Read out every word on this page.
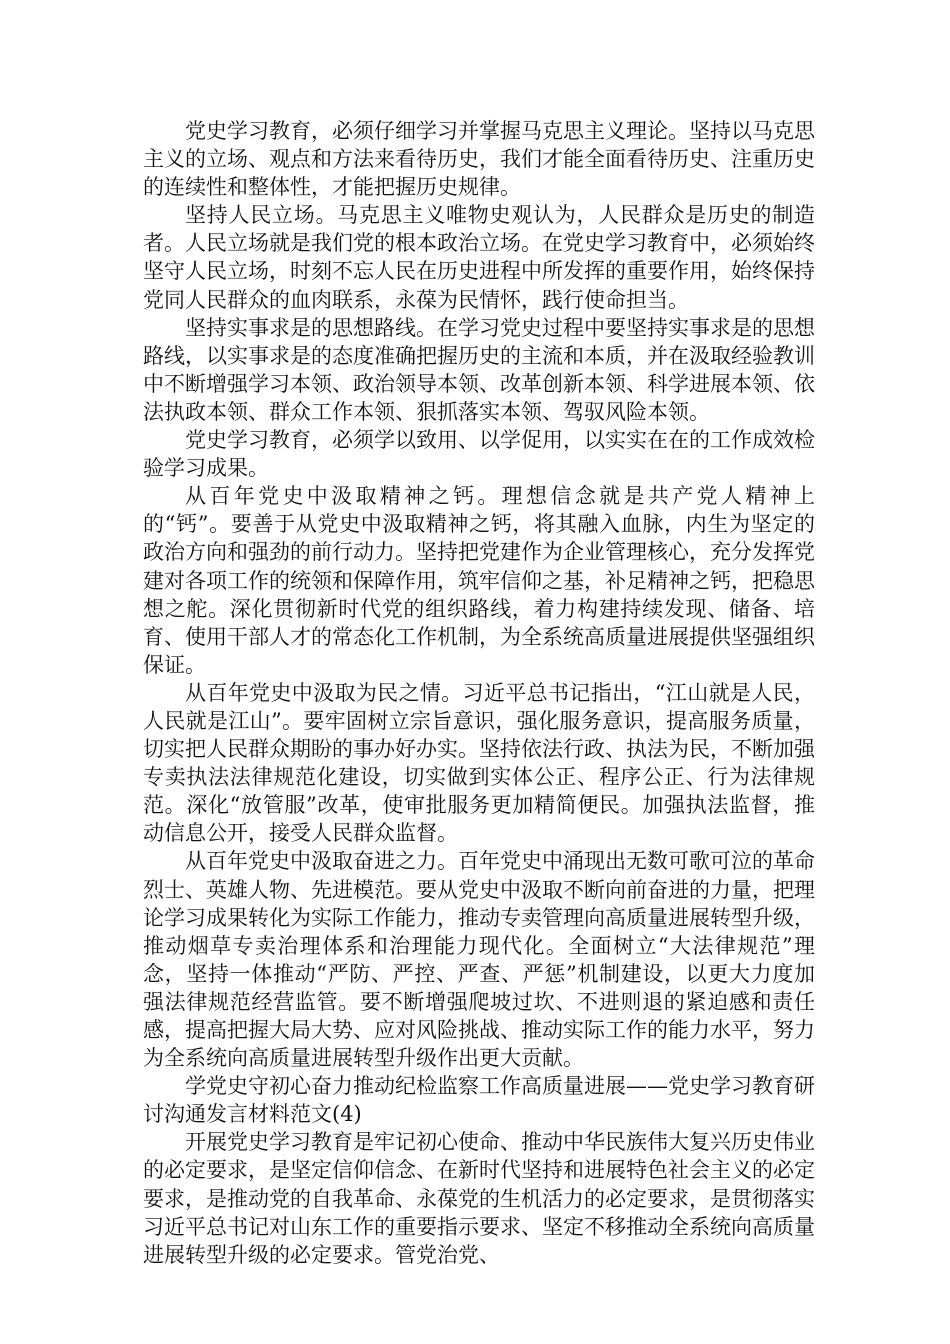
党史学习教育，必须仔细学习并掌握马克思主义理论。坚持以马克思主义的立场、观点和方法来看待历史，我们才能全面看待历史、注重历史的连续性和整体性，才能把握历史规律。

坚持人民立场。马克思主义唯物史观认为，人民群众是历史的制造者。人民立场就是我们党的根本政治立场。在党史学习教育中，必须始终坚守人民立场，时刻不忘人民在历史进程中所发挥的重要作用，始终保持党同人民群众的血肉联系，永葆为民情怀，践行使命担当。

坚持实事求是的思想路线。在学习党史过程中要坚持实事求是的思想路线，以实事求是的态度准确把握历史的主流和本质，并在汲取经验教训中不断增强学习本领、政治领导本领、改革创新本领、科学进展本领、依法执政本领、群众工作本领、狠抓落实本领、驾驭风险本领。

党史学习教育，必须学以致用、以学促用，以实实在在的工作成效检验学习成果。

从百年党史中汲取精神之钙。理想信念就是共产党人精神上的“钙”。要善于从党史中汲取精神之钙，将其融入血脉，内生为坚定的政治方向和强劲的前行动力。坚持把党建作为企业管理核心，充分发挥党建对各项工作的统领和保障作用，筑牢信仰之基，补足精神之钙，把稳思想之舵。深化贯彻新时代党的组织路线，着力构建持续发现、储备、培育、使用干部人才的常态化工作机制，为全系统高质量进展提供坚强组织保证。

从百年党史中汲取为民之情。习近平总书记指出，“江山就是人民，人民就是江山”。要牢固树立宗旨意识，强化服务意识，提高服务质量，切实把人民群众期盼的事办好办实。坚持依法行政、执法为民，不断加强专卖执法法律规范化建设，切实做到实体公正、程序公正、行为法律规范。深化“放管服”改革，使审批服务更加精简便民。加强执法监督，推动信息公开，接受人民群众监督。

从百年党史中汲取奋进之力。百年党史中涌现出无数可歌可泣的革命烈士、英雄人物、先进模范。要从党史中汲取不断向前奋进的力量，把理论学习成果转化为实际工作能力，推动专卖管理向高质量进展转型升级，推动烟草专卖治理体系和治理能力现代化。全面树立“大法律规范”理念，坚持一体推动“严防、严控、严查、严惩”机制建设，以更大力度加强法律规范经营监管。要不断增强爬坡过坎、不进则退的紧迫感和责任感，提高把握大局大势、应对风险挑战、推动实际工作的能力水平，努力为全系统向高质量进展转型升级作出更大贡献。

学党史守初心奋力推动纪检监察工作高质量进展——党史学习教育研讨沟通发言材料范文(4)

开展党史学习教育是牢记初心使命、推动中华民族伟大复兴历史伟业的必定要求，是坚定信仰信念、在新时代坚持和进展特色社会主义的必定要求，是推动党的自我革命、永葆党的生机活力的必定要求，是贯彻落实习近平总书记对山东工作的重要指示要求、坚定不移推动全系统向高质量进展转型升级的必定要求。管党治党、
